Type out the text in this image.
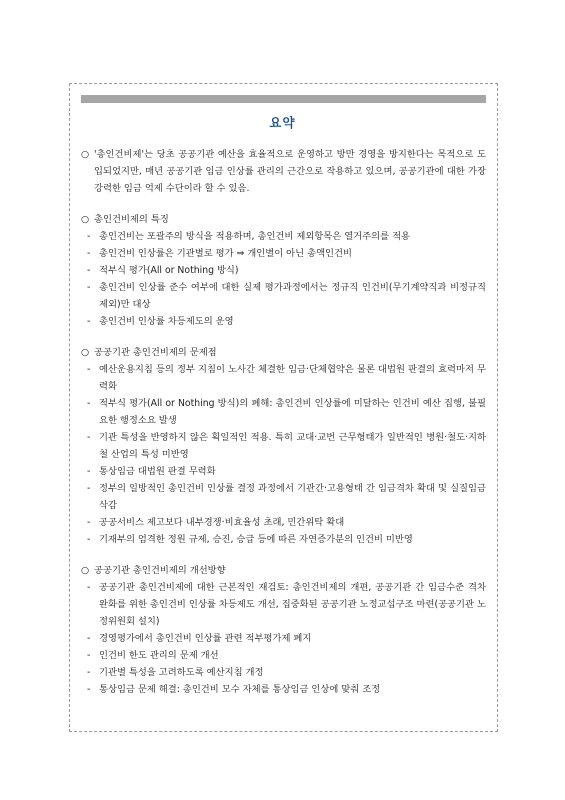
요약
○ '총인건비제'는 당초 공공기관 예산을 효율적으로 운영하고 방만 경영을 방지한다는 목적으로 도입되었지만, 매년 공공기관 임금 인상률 관리의 근간으로 작용하고 있으며, 공공기관에 대한 가장 강력한 임금 억제 수단이라 할 수 있음.
○ 총인건비제의 특징
- 총인건비는 포괄주의 방식을 적용하며, 총인건비 제외항목은 열거주의를 적용
- 총인건비 인상률은 기관별로 평가 ⇒ 개인별이 아닌 총액인건비
- 적부식 평가(All or Nothing 방식)
- 총인건비 인상률 준수 여부에 대한 실제 평가과정에서는 정규직 인건비(무기계약직과 비정규직 제외)만 대상
- 총인건비 인상률 차등제도의 운영
○ 공공기관 총인건비제의 문제점
- 예산운용지침 등의 정부 지침이 노사간 체결한 임금·단체협약은 물론 대법원 판결의 효력마저 무력화
- 적부식 평가(All or Nothing 방식)의 폐해: 총인건비 인상률에 미달하는 인건비 예산 집행, 불필요한 행정소요 발생
- 기관 특성을 반영하지 않은 획일적인 적용. 특히 교대·교번 근무형태가 일반적인 병원·철도·지하철 산업의 특성 미반영
- 통상임금 대법원 판결 무력화
- 정부의 일방적인 총인건비 인상률 결정 과정에서 기관간·고용형태 간 임금격차 확대 및 실질임금 삭감
- 공공서비스 제고보다 내부경쟁·비효율성 초래, 민간위탁 확대
- 기재부의 엄격한 정원 규제, 승진, 승급 등에 따른 자연증가분의 인건비 미반영
○ 공공기관 총인건비제의 개선방향
- 공공기관 총인건비제에 대한 근본적인 재검토: 총인건비제의 개편, 공공기관 간 임금수준 격차 완화를 위한 총인건비 인상률 차등제도 개선, 집중화된 공공기관 노정교섭구조 마련(공공기관 노정위원회 설치)
- 경영평가에서 총인건비 인상률 관련 적부평가제 폐지
- 인건비 한도 관리의 문제 개선
- 기관별 특성을 고려하도록 예산지침 개정
- 통상임금 문제 해결: 총인건비 모수 자체를 통상임금 인상에 맞춰 조정
